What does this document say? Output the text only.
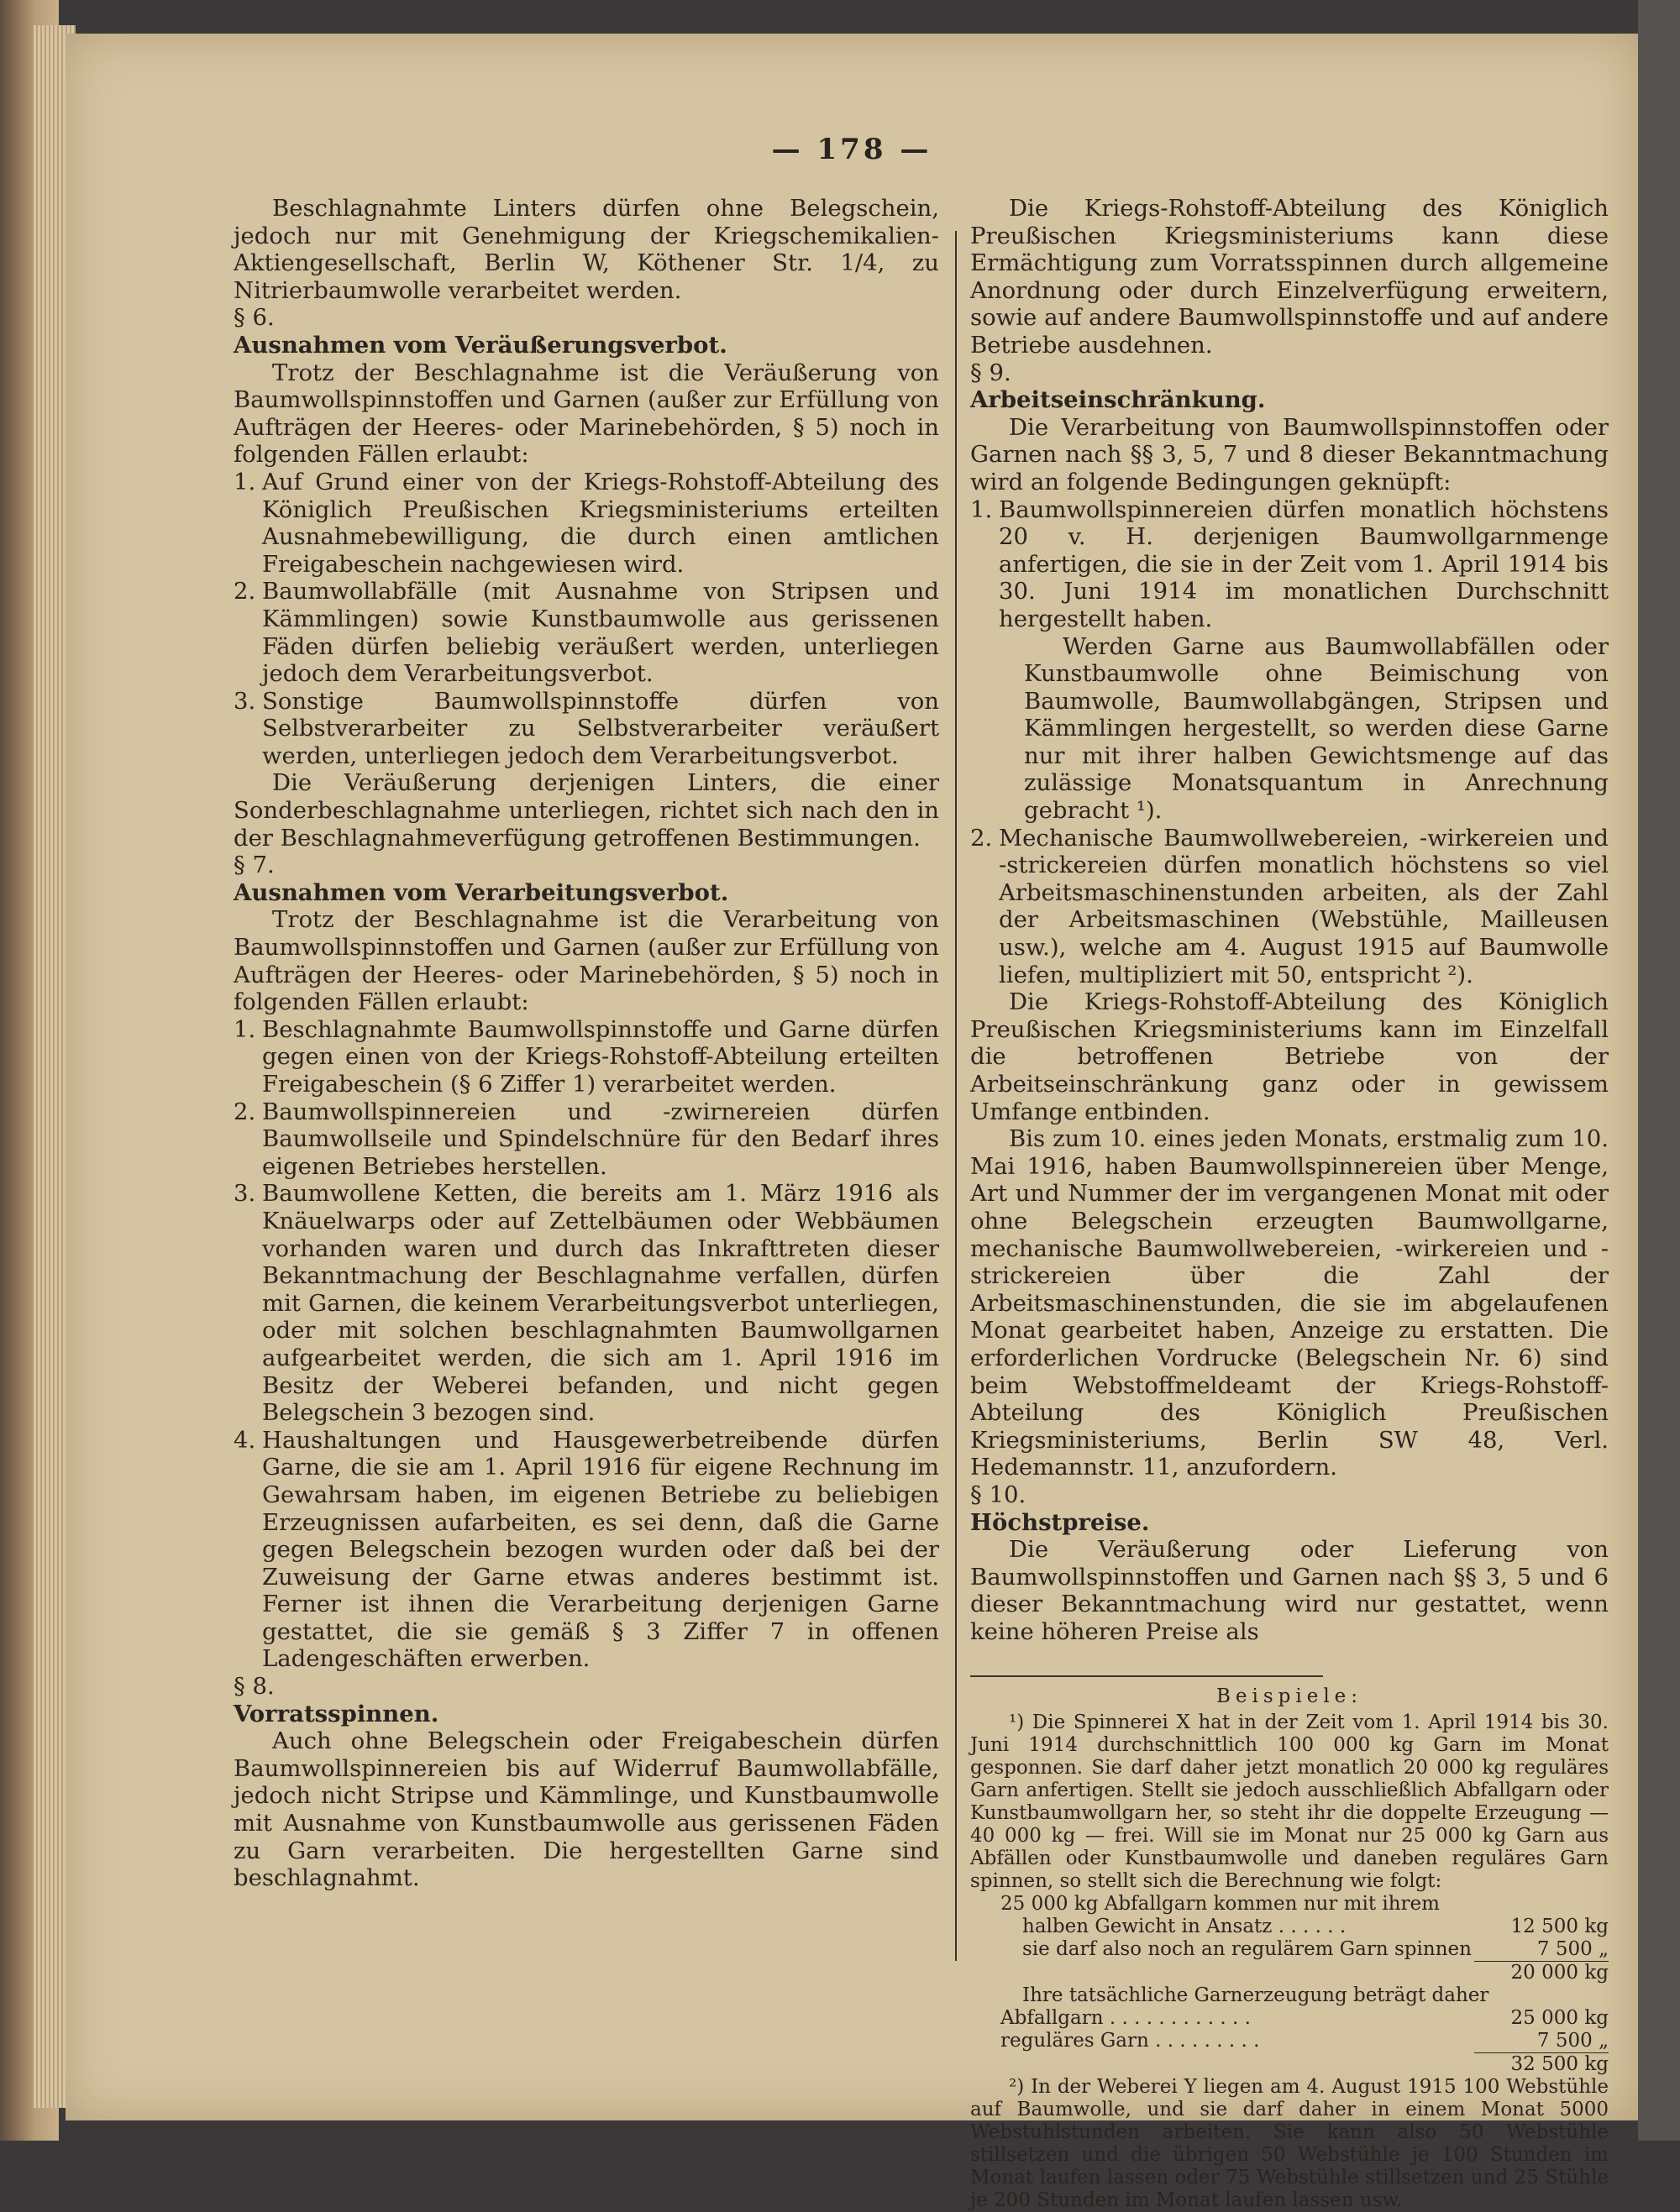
— 178 —

Beschlagnahmte Linters dürfen ohne Belegschein, jedoch nur mit Genehmigung der Kriegschemikalien-Aktiengesellschaft, Berlin W, Köthener Str. 1/4, zu Nitrierbaumwolle verarbeitet werden.

§ 6.

Ausnahmen vom Veräußerungsverbot.

Trotz der Beschlagnahme ist die Veräußerung von Baumwollspinnstoffen und Garnen (außer zur Erfüllung von Aufträgen der Heeres- oder Marinebehörden, § 5) noch in folgenden Fällen erlaubt:

1. Auf Grund einer von der Kriegs-Rohstoff-Abteilung des Königlich Preußischen Kriegsministeriums erteilten Ausnahmebewilligung, die durch einen amtlichen Freigabeschein nachgewiesen wird.
2. Baumwollabfälle (mit Ausnahme von Stripsen und Kämmlingen) sowie Kunstbaumwolle aus gerissenen Fäden dürfen beliebig veräußert werden, unterliegen jedoch dem Verarbeitungsverbot.
3. Sonstige Baumwollspinnstoffe dürfen von Selbstverarbeiter zu Selbstverarbeiter veräußert werden, unterliegen jedoch dem Verarbeitungsverbot.

Die Veräußerung derjenigen Linters, die einer Sonderbeschlagnahme unterliegen, richtet sich nach den in der Beschlagnahmeverfügung getroffenen Bestimmungen.

§ 7.

Ausnahmen vom Verarbeitungsverbot.

Trotz der Beschlagnahme ist die Verarbeitung von Baumwollspinnstoffen und Garnen (außer zur Erfüllung von Aufträgen der Heeres- oder Marinebehörden, § 5) noch in folgenden Fällen erlaubt:

1. Beschlagnahmte Baumwollspinnstoffe und Garne dürfen gegen einen von der Kriegs-Rohstoff-Abteilung erteilten Freigabeschein (§ 6 Ziffer 1) verarbeitet werden.
2. Baumwollspinnereien und -zwirnereien dürfen Baumwollseile und Spindelschnüre für den Bedarf ihres eigenen Betriebes herstellen.
3. Baumwollene Ketten, die bereits am 1. März 1916 als Knäuelwarps oder auf Zettelbäumen oder Webbäumen vorhanden waren und durch das Inkrafttreten dieser Bekanntmachung der Beschlagnahme verfallen, dürfen mit Garnen, die keinem Verarbeitungsverbot unterliegen, oder mit solchen beschlagnahmten Baumwollgarnen aufgearbeitet werden, die sich am 1. April 1916 im Besitz der Weberei befanden, und nicht gegen Belegschein 3 bezogen sind.
4. Haushaltungen und Hausgewerbetreibende dürfen Garne, die sie am 1. April 1916 für eigene Rechnung im Gewahrsam haben, im eigenen Betriebe zu beliebigen Erzeugnissen aufarbeiten, es sei denn, daß die Garne gegen Belegschein bezogen wurden oder daß bei der Zuweisung der Garne etwas anderes bestimmt ist. Ferner ist ihnen die Verarbeitung derjenigen Garne gestattet, die sie gemäß § 3 Ziffer 7 in offenen Ladengeschäften erwerben.

§ 8.

Vorratsspinnen.

Auch ohne Belegschein oder Freigabeschein dürfen Baumwollspinnereien bis auf Widerruf Baumwollabfälle, jedoch nicht Stripse und Kämmlinge, und Kunstbaumwolle mit Ausnahme von Kunstbaumwolle aus gerissenen Fäden zu Garn verarbeiten. Die hergestellten Garne sind beschlagnahmt.

Die Kriegs-Rohstoff-Abteilung des Königlich Preußischen Kriegsministeriums kann diese Ermächtigung zum Vorratsspinnen durch allgemeine Anordnung oder durch Einzelverfügung erweitern, sowie auf andere Baumwollspinnstoffe und auf andere Betriebe ausdehnen.

§ 9.

Arbeitseinschränkung.

Die Verarbeitung von Baumwollspinnstoffen oder Garnen nach §§ 3, 5, 7 und 8 dieser Bekanntmachung wird an folgende Bedingungen geknüpft:

1. Baumwollspinnereien dürfen monatlich höchstens 20 v. H. derjenigen Baumwollgarnmenge anfertigen, die sie in der Zeit vom 1. April 1914 bis 30. Juni 1914 im monatlichen Durchschnitt hergestellt haben.

Werden Garne aus Baumwollabfällen oder Kunstbaumwolle ohne Beimischung von Baumwolle, Baumwollabgängen, Stripsen und Kämmlingen hergestellt, so werden diese Garne nur mit ihrer halben Gewichtsmenge auf das zulässige Monatsquantum in Anrechnung gebracht ¹).

2. Mechanische Baumwollwebereien, -wirkereien und -strickereien dürfen monatlich höchstens so viel Arbeitsmaschinenstunden arbeiten, als der Zahl der Arbeitsmaschinen (Webstühle, Mailleusen usw.), welche am 4. August 1915 auf Baumwolle liefen, multipliziert mit 50, entspricht ²).

Die Kriegs-Rohstoff-Abteilung des Königlich Preußischen Kriegsministeriums kann im Einzelfall die betroffenen Betriebe von der Arbeitseinschränkung ganz oder in gewissem Umfange entbinden.

Bis zum 10. eines jeden Monats, erstmalig zum 10. Mai 1916, haben Baumwollspinnereien über Menge, Art und Nummer der im vergangenen Monat mit oder ohne Belegschein erzeugten Baumwollgarne, mechanische Baumwollwebereien, -wirkereien und -strickereien über die Zahl der Arbeitsmaschinenstunden, die sie im abgelaufenen Monat gearbeitet haben, Anzeige zu erstatten. Die erforderlichen Vordrucke (Belegschein Nr. 6) sind beim Webstoffmeldeamt der Kriegs-Rohstoff-Abteilung des Königlich Preußischen Kriegsministeriums, Berlin SW 48, Verl. Hedemannstr. 11, anzufordern.

§ 10.

Höchstpreise.

Die Veräußerung oder Lieferung von Baumwollspinnstoffen und Garnen nach §§ 3, 5 und 6 dieser Bekanntmachung wird nur gestattet, wenn keine höheren Preise als

Beispiele:

¹) Die Spinnerei X hat in der Zeit vom 1. April 1914 bis 30. Juni 1914 durchschnittlich 100 000 kg Garn im Monat gesponnen. Sie darf daher jetzt monatlich 20 000 kg reguläres Garn anfertigen. Stellt sie jedoch ausschließlich Abfallgarn oder Kunstbaumwollgarn her, so steht ihr die doppelte Erzeugung — 40 000 kg — frei. Will sie im Monat nur 25 000 kg Garn aus Abfällen oder Kunstbaumwolle und daneben reguläres Garn spinnen, so stellt sich die Berechnung wie folgt:

25 000 kg Abfallgarn kommen nur mit ihrem

halben Gewicht in Ansatz . . . . . .	12 500 kg

sie darf also noch an regulärem Garn spinnen	7 500 „

20 000 kg

Ihre tatsächliche Garnerzeugung beträgt daher

Abfallgarn . . . . . . . . . . . .	25 000 kg

reguläres Garn . . . . . . . . .	7 500 „

32 500 kg

²) In der Weberei Y liegen am 4. August 1915 100 Webstühle auf Baumwolle, und sie darf daher in einem Monat 5000 Webstuhlstunden arbeiten. Sie kann also 50 Webstühle stillsetzen und die übrigen 50 Webstühle je 100 Stunden im Monat laufen lassen oder 75 Webstühle stillsetzen und 25 Stühle je 200 Stunden im Monat laufen lassen usw.
